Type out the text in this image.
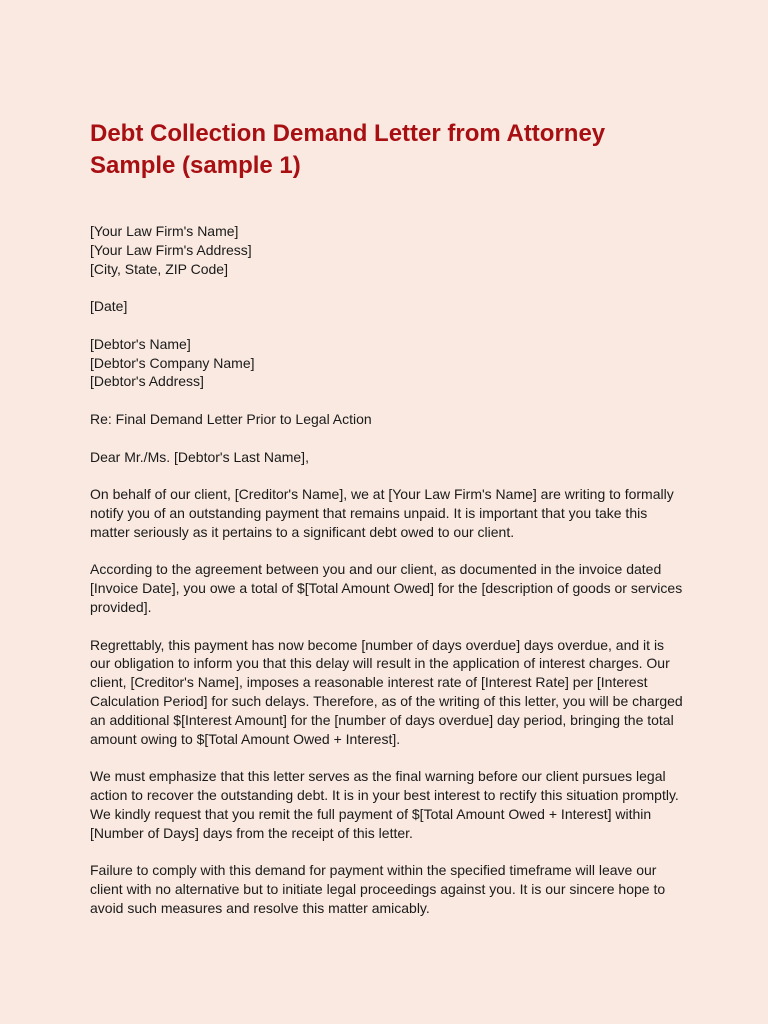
Debt Collection Demand Letter from Attorney Sample (sample 1)
[Your Law Firm's Name]
[Your Law Firm's Address]
[City, State, ZIP Code]
[Date]
[Debtor's Name]
[Debtor's Company Name]
[Debtor's Address]
Re: Final Demand Letter Prior to Legal Action
Dear Mr./Ms. [Debtor's Last Name],

On behalf of our client, [Creditor's Name], we at [Your Law Firm's Name] are writing to formally notify you of an outstanding payment that remains unpaid. It is important that you take this matter seriously as it pertains to a significant debt owed to our client.

According to the agreement between you and our client, as documented in the invoice dated [Invoice Date], you owe a total of $[Total Amount Owed] for the [description of goods or services provided].

Regrettably, this payment has now become [number of days overdue] days overdue, and it is our obligation to inform you that this delay will result in the application of interest charges. Our client, [Creditor's Name], imposes a reasonable interest rate of [Interest Rate] per [Interest Calculation Period] for such delays. Therefore, as of the writing of this letter, you will be charged an additional $[Interest Amount] for the [number of days overdue] day period, bringing the total amount owing to $[Total Amount Owed + Interest].

We must emphasize that this letter serves as the final warning before our client pursues legal action to recover the outstanding debt. It is in your best interest to rectify this situation promptly. We kindly request that you remit the full payment of $[Total Amount Owed + Interest] within [Number of Days] days from the receipt of this letter.

Failure to comply with this demand for payment within the specified timeframe will leave our client with no alternative but to initiate legal proceedings against you. It is our sincere hope to avoid such measures and resolve this matter amicably.
